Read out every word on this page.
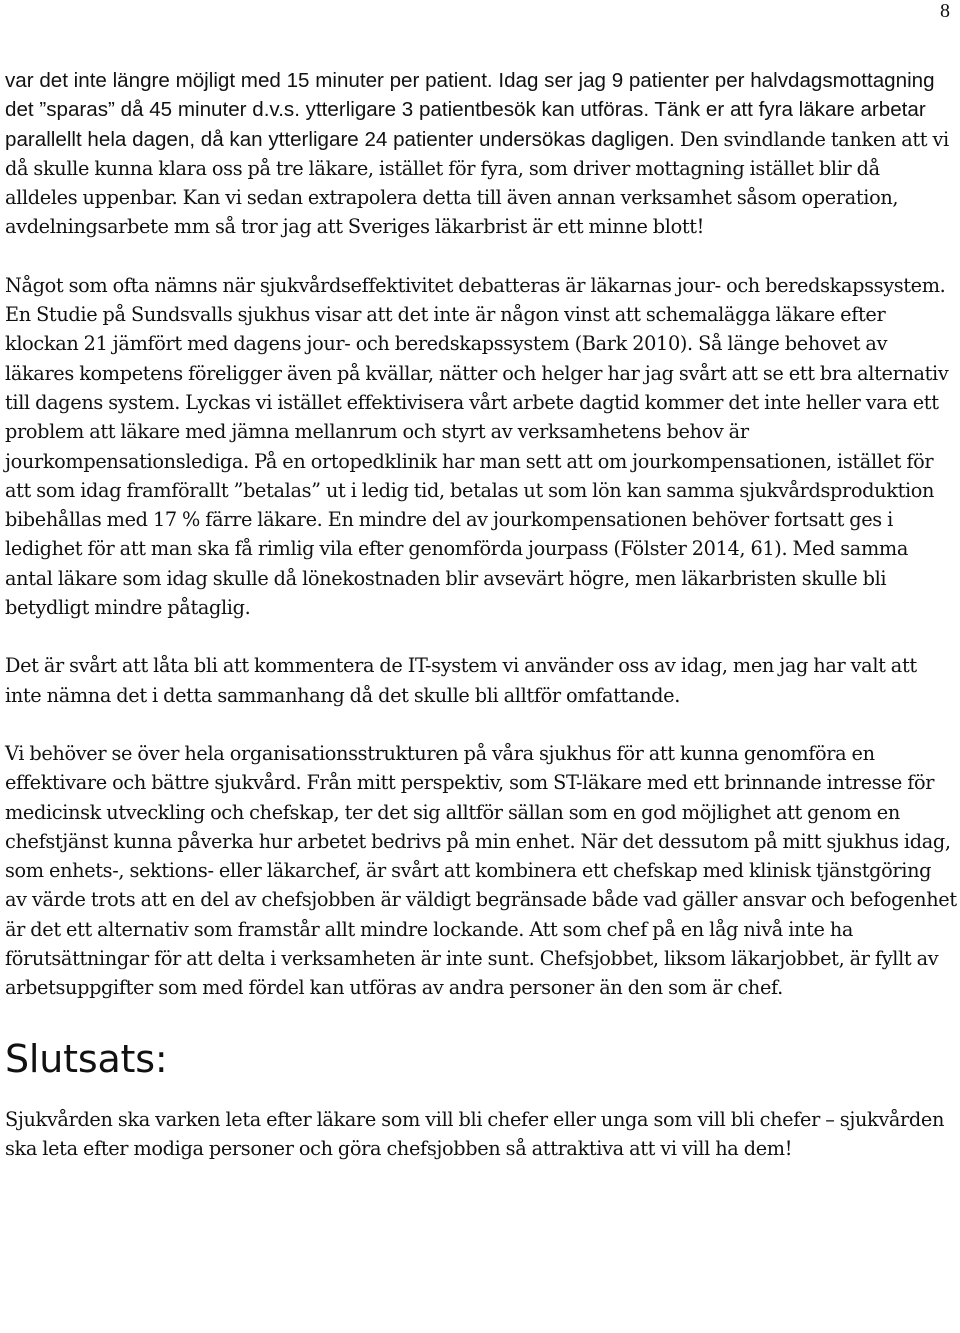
8

var det inte längre möjligt med 15 minuter per patient. Idag ser jag 9 patienter per halvdagsmottagning det ”sparas” då 45 minuter d.v.s. ytterligare 3 patientbesök kan utföras. Tänk er att fyra läkare arbetar parallellt hela dagen, då kan ytterligare 24 patienter undersökas dagligen. Den svindlande tanken att vi då skulle kunna klara oss på tre läkare, istället för fyra, som driver mottagning istället blir då alldeles uppenbar. Kan vi sedan extrapolera detta till även annan verksamhet såsom operation, avdelningsarbete mm så tror jag att Sveriges läkarbrist är ett minne blott!

Något som ofta nämns när sjukvårdseffektivitet debatteras är läkarnas jour- och beredskapssystem. En Studie på Sundsvalls sjukhus visar att det inte är någon vinst att schemalägga läkare efter klockan 21 jämfört med dagens jour- och beredskapssystem (Bark 2010). Så länge behovet av läkares kompetens föreligger även på kvällar, nätter och helger har jag svårt att se ett bra alternativ till dagens system. Lyckas vi istället effektivisera vårt arbete dagtid kommer det inte heller vara ett problem att läkare med jämna mellanrum och styrt av verksamhetens behov är jourkompensationslediga. På en ortopedklinik har man sett att om jourkompensationen, istället för att som idag framförallt ”betalas” ut i ledig tid, betalas ut som lön kan samma sjukvårdsproduktion bibehållas med 17 % färre läkare. En mindre del av jourkompensationen behöver fortsatt ges i ledighet för att man ska få rimlig vila efter genomförda jourpass (Fölster 2014, 61). Med samma antal läkare som idag skulle då lönekostnaden blir avsevärt högre, men läkarbristen skulle bli betydligt mindre påtaglig.

Det är svårt att låta bli att kommentera de IT-system vi använder oss av idag, men jag har valt att inte nämna det i detta sammanhang då det skulle bli alltför omfattande.

Vi behöver se över hela organisationsstrukturen på våra sjukhus för att kunna genomföra en effektivare och bättre sjukvård. Från mitt perspektiv, som ST-läkare med ett brinnande intresse för medicinsk utveckling och chefskap, ter det sig alltför sällan som en god möjlighet att genom en chefstjänst kunna påverka hur arbetet bedrivs på min enhet. När det dessutom på mitt sjukhus idag, som enhets-, sektions- eller läkarchef, är svårt att kombinera ett chefskap med klinisk tjänstgöring av värde trots att en del av chefsjobben är väldigt begränsade både vad gäller ansvar och befogenhet är det ett alternativ som framstår allt mindre lockande. Att som chef på en låg nivå inte ha förutsättningar för att delta i verksamheten är inte sunt. Chefsjobbet, liksom läkarjobbet, är fyllt av arbetsuppgifter som med fördel kan utföras av andra personer än den som är chef.

Slutsats:

Sjukvården ska varken leta efter läkare som vill bli chefer eller unga som vill bli chefer – sjukvården ska leta efter modiga personer och göra chefsjobben så attraktiva att vi vill ha dem!
